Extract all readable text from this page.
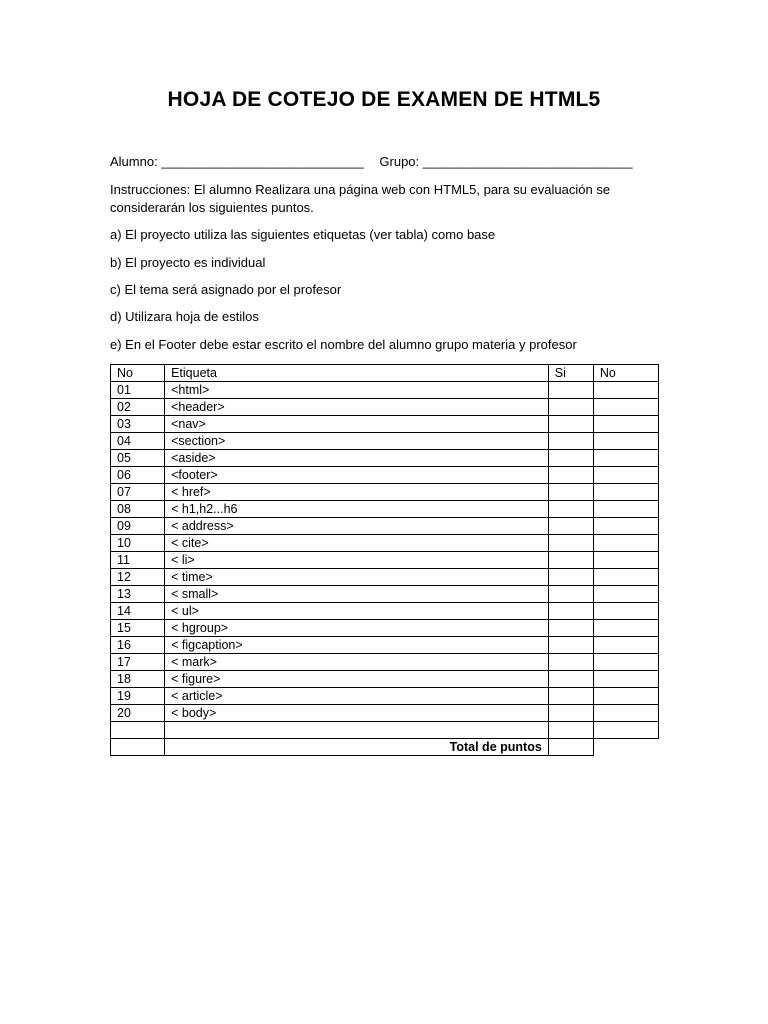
HOJA DE COTEJO DE EXAMEN DE HTML5
Alumno: ____________________________ Grupo: _____________________________
Instrucciones: El alumno Realizara una página web con HTML5, para su evaluación se considerarán los siguientes puntos.
a) El proyecto utiliza las siguientes etiquetas (ver tabla) como base
b) El proyecto es individual
c) El tema será asignado por el profesor
d) Utilizara hoja de estilos
e) En el Footer debe estar escrito el nombre del alumno grupo materia y profesor
No	Etiqueta	Si	No
01	<html>		
02	<header>		
03	<nav>		
04	<section>		
05	<aside>		
06	<footer>		
07	< href>		
08	< h1,h2...h6		
09	< address>		
10	< cite>		
11	< li>		
12	< time>		
13	< small>		
14	< ul>		
15	< hgroup>		
16	< figcaption>		
17	< mark>		
18	< figure>		
19	< article>		
20	< body>		

	Total de puntos		
